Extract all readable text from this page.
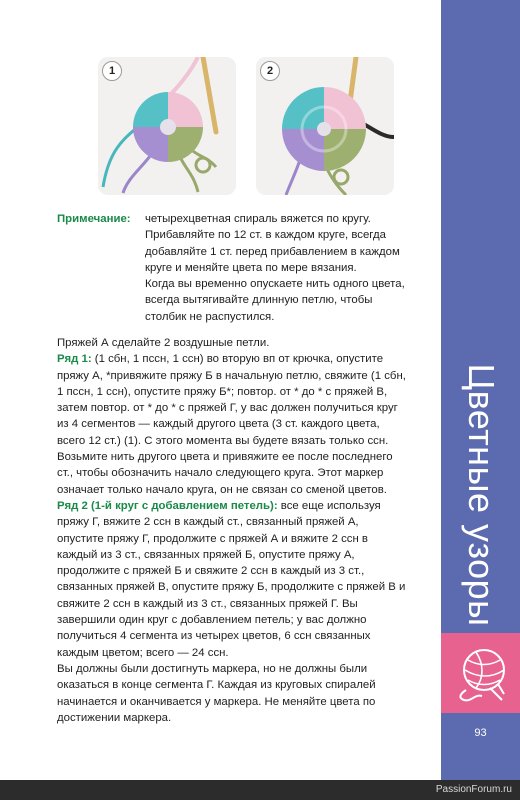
1	2
Примечание: четырехцветная спираль вяжется по кругу. Прибавляйте по 12 ст. в каждом круге, всегда добавляйте 1 ст. перед прибавлением в каждом круге и меняйте цвета по мере вязания.

Когда вы временно опускаете нить одного цвета, всегда вытягивайте длинную петлю, чтобы столбик не распустился.

Пряжей А сделайте 2 воздушные петли.

Ряд 1: (1 сбн, 1 пссн, 1 ссн) во вторую вп от крючка, опустите пряжу А, *привяжите пряжу Б в начальную петлю, свяжите (1 сбн, 1 пссн, 1 ссн), опустите пряжу Б*; повтор. от * до * с пряжей В, затем повтор. от * до * с пряжей Г, у вас должен получиться круг из 4 сегментов — каждый другого цвета (3 ст. каждого цвета, всего 12 ст.) (1). С этого момента вы будете вязать только ссн. Возьмите нить другого цвета и привяжите ее после последнего ст., чтобы обозначить начало следующего круга. Этот маркер означает только начало круга, он не связан со сменой цветов.

Ряд 2 (1-й круг с добавлением петель): все еще используя пряжу Г, вяжите 2 ссн в каждый ст., связанный пряжей А, опустите пряжу Г, продолжите с пряжей А и вяжите 2 ссн в каждый из 3 ст., связанных пряжей Б, опустите пряжу А, продолжите с пряжей Б и свяжите 2 ссн в каждый из 3 ст., связанных пряжей В, опустите пряжу Б, продолжите с пряжей В и свяжите 2 ссн в каждый из 3 ст., связанных пряжей Г. Вы завершили один круг с добавлением петель; у вас должно получиться 4 сегмента из четырех цветов, 6 ссн связанных каждым цветом; всего — 24 ссн.

Вы должны были достигнуть маркера, но не должны были оказаться в конце сегмента Г. Каждая из круговых спиралей начинается и оканчивается у маркера. Не меняйте цвета по достижении маркера.

Цветные узоры
93
PassionForum.ru
